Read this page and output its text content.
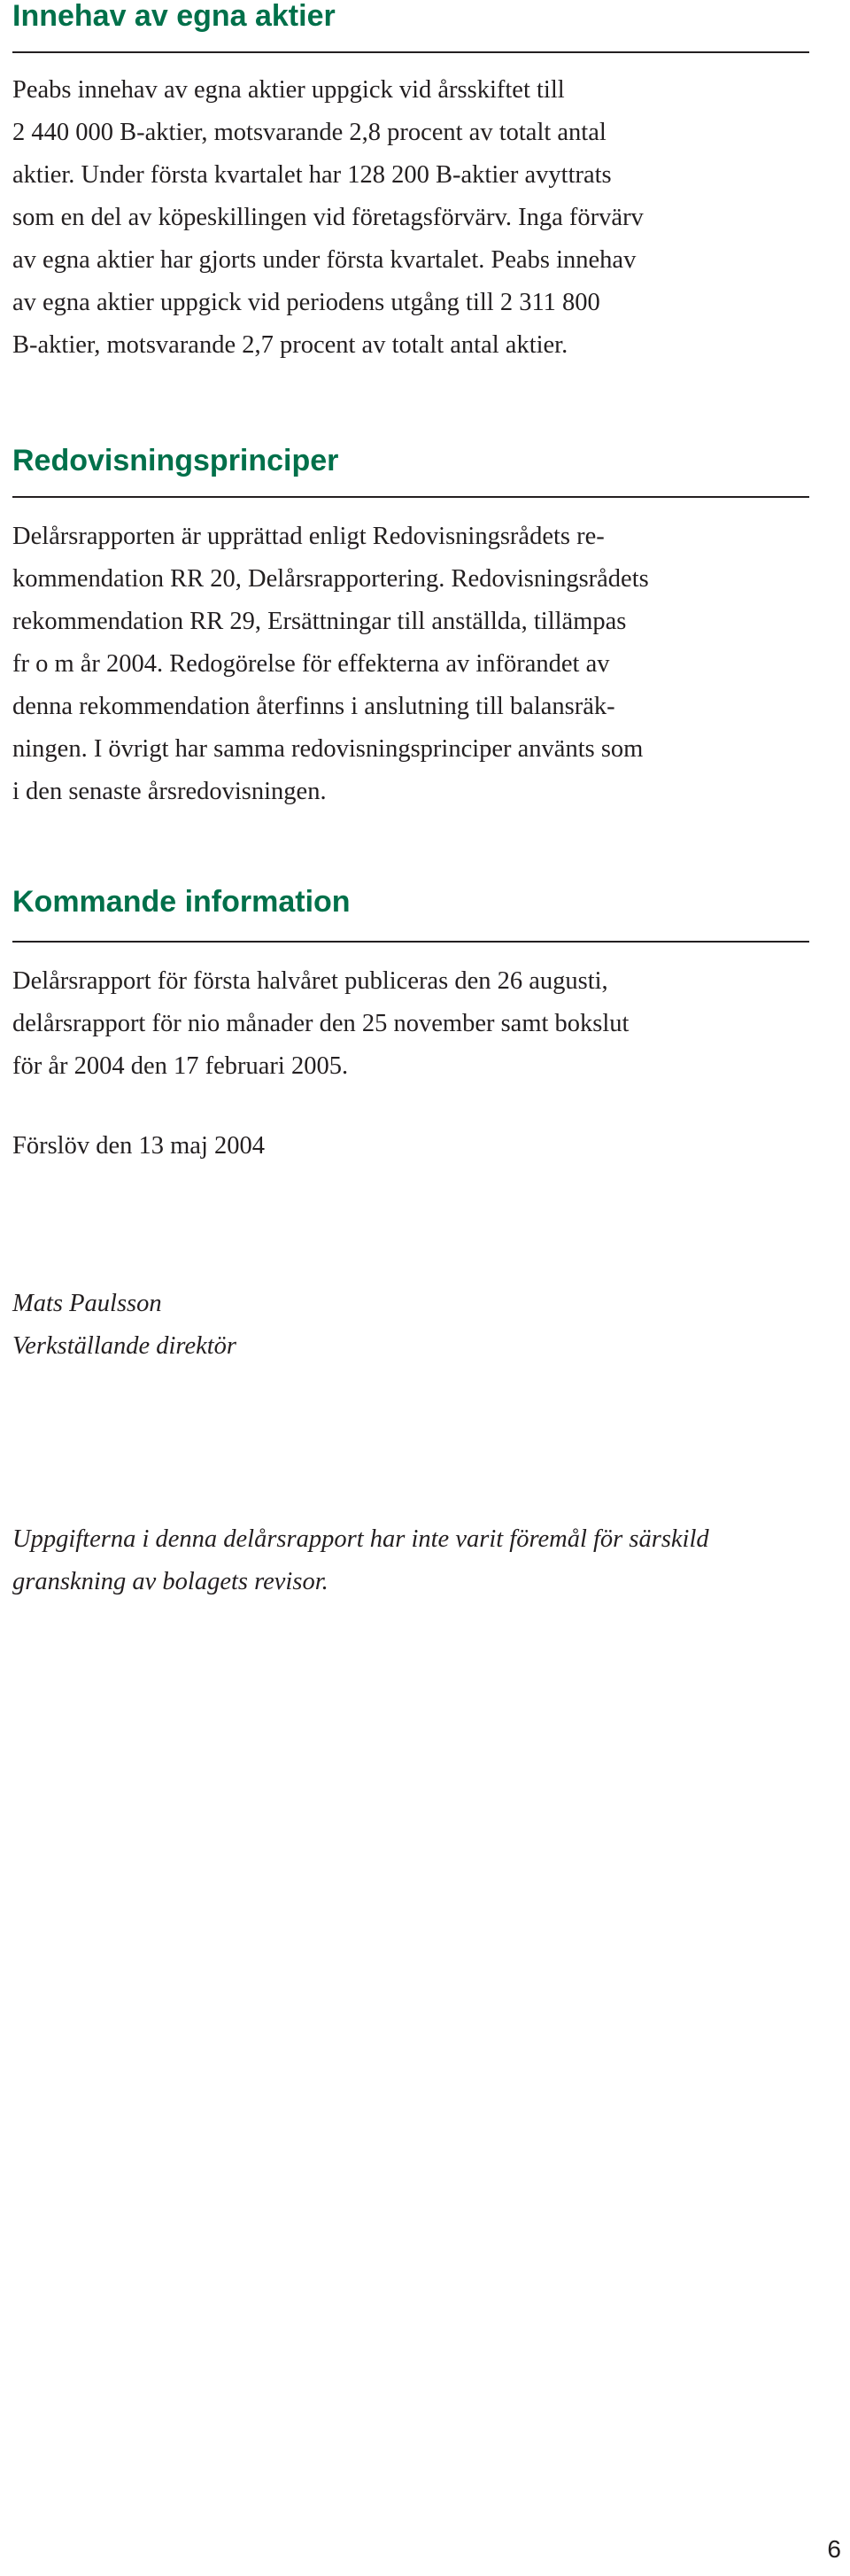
Innehav av egna aktier

Peabs innehav av egna aktier uppgick vid årsskiftet till
2 440 000 B-aktier, motsvarande 2,8 procent av totalt antal
aktier. Under första kvartalet har 128 200 B-aktier avyttrats
som en del av köpeskillingen vid företagsförvärv. Inga förvärv
av egna aktier har gjorts under första kvartalet. Peabs innehav
av egna aktier uppgick vid periodens utgång till 2 311 800
B-aktier, motsvarande 2,7 procent av totalt antal aktier.

Redovisningsprinciper

Delårsrapporten är upprättad enligt Redovisningsrådets re-
kommendation RR 20, Delårsrapportering. Redovisningsrådets
rekommendation RR 29, Ersättningar till anställda, tillämpas
fr o m år 2004. Redogörelse för effekterna av införandet av
denna rekommendation återfinns i anslutning till balansräk-
ningen. I övrigt har samma redovisningsprinciper använts som
i den senaste årsredovisningen.

Kommande information

Delårsrapport för första halvåret publiceras den 26 augusti,
delårsrapport för nio månader den 25 november samt bokslut
för år 2004 den 17 februari 2005.

Förslöv den 13 maj 2004

Mats Paulsson
Verkställande direktör

Uppgifterna i denna delårsrapport har inte varit föremål för särskild
granskning av bolagets revisor.

6
